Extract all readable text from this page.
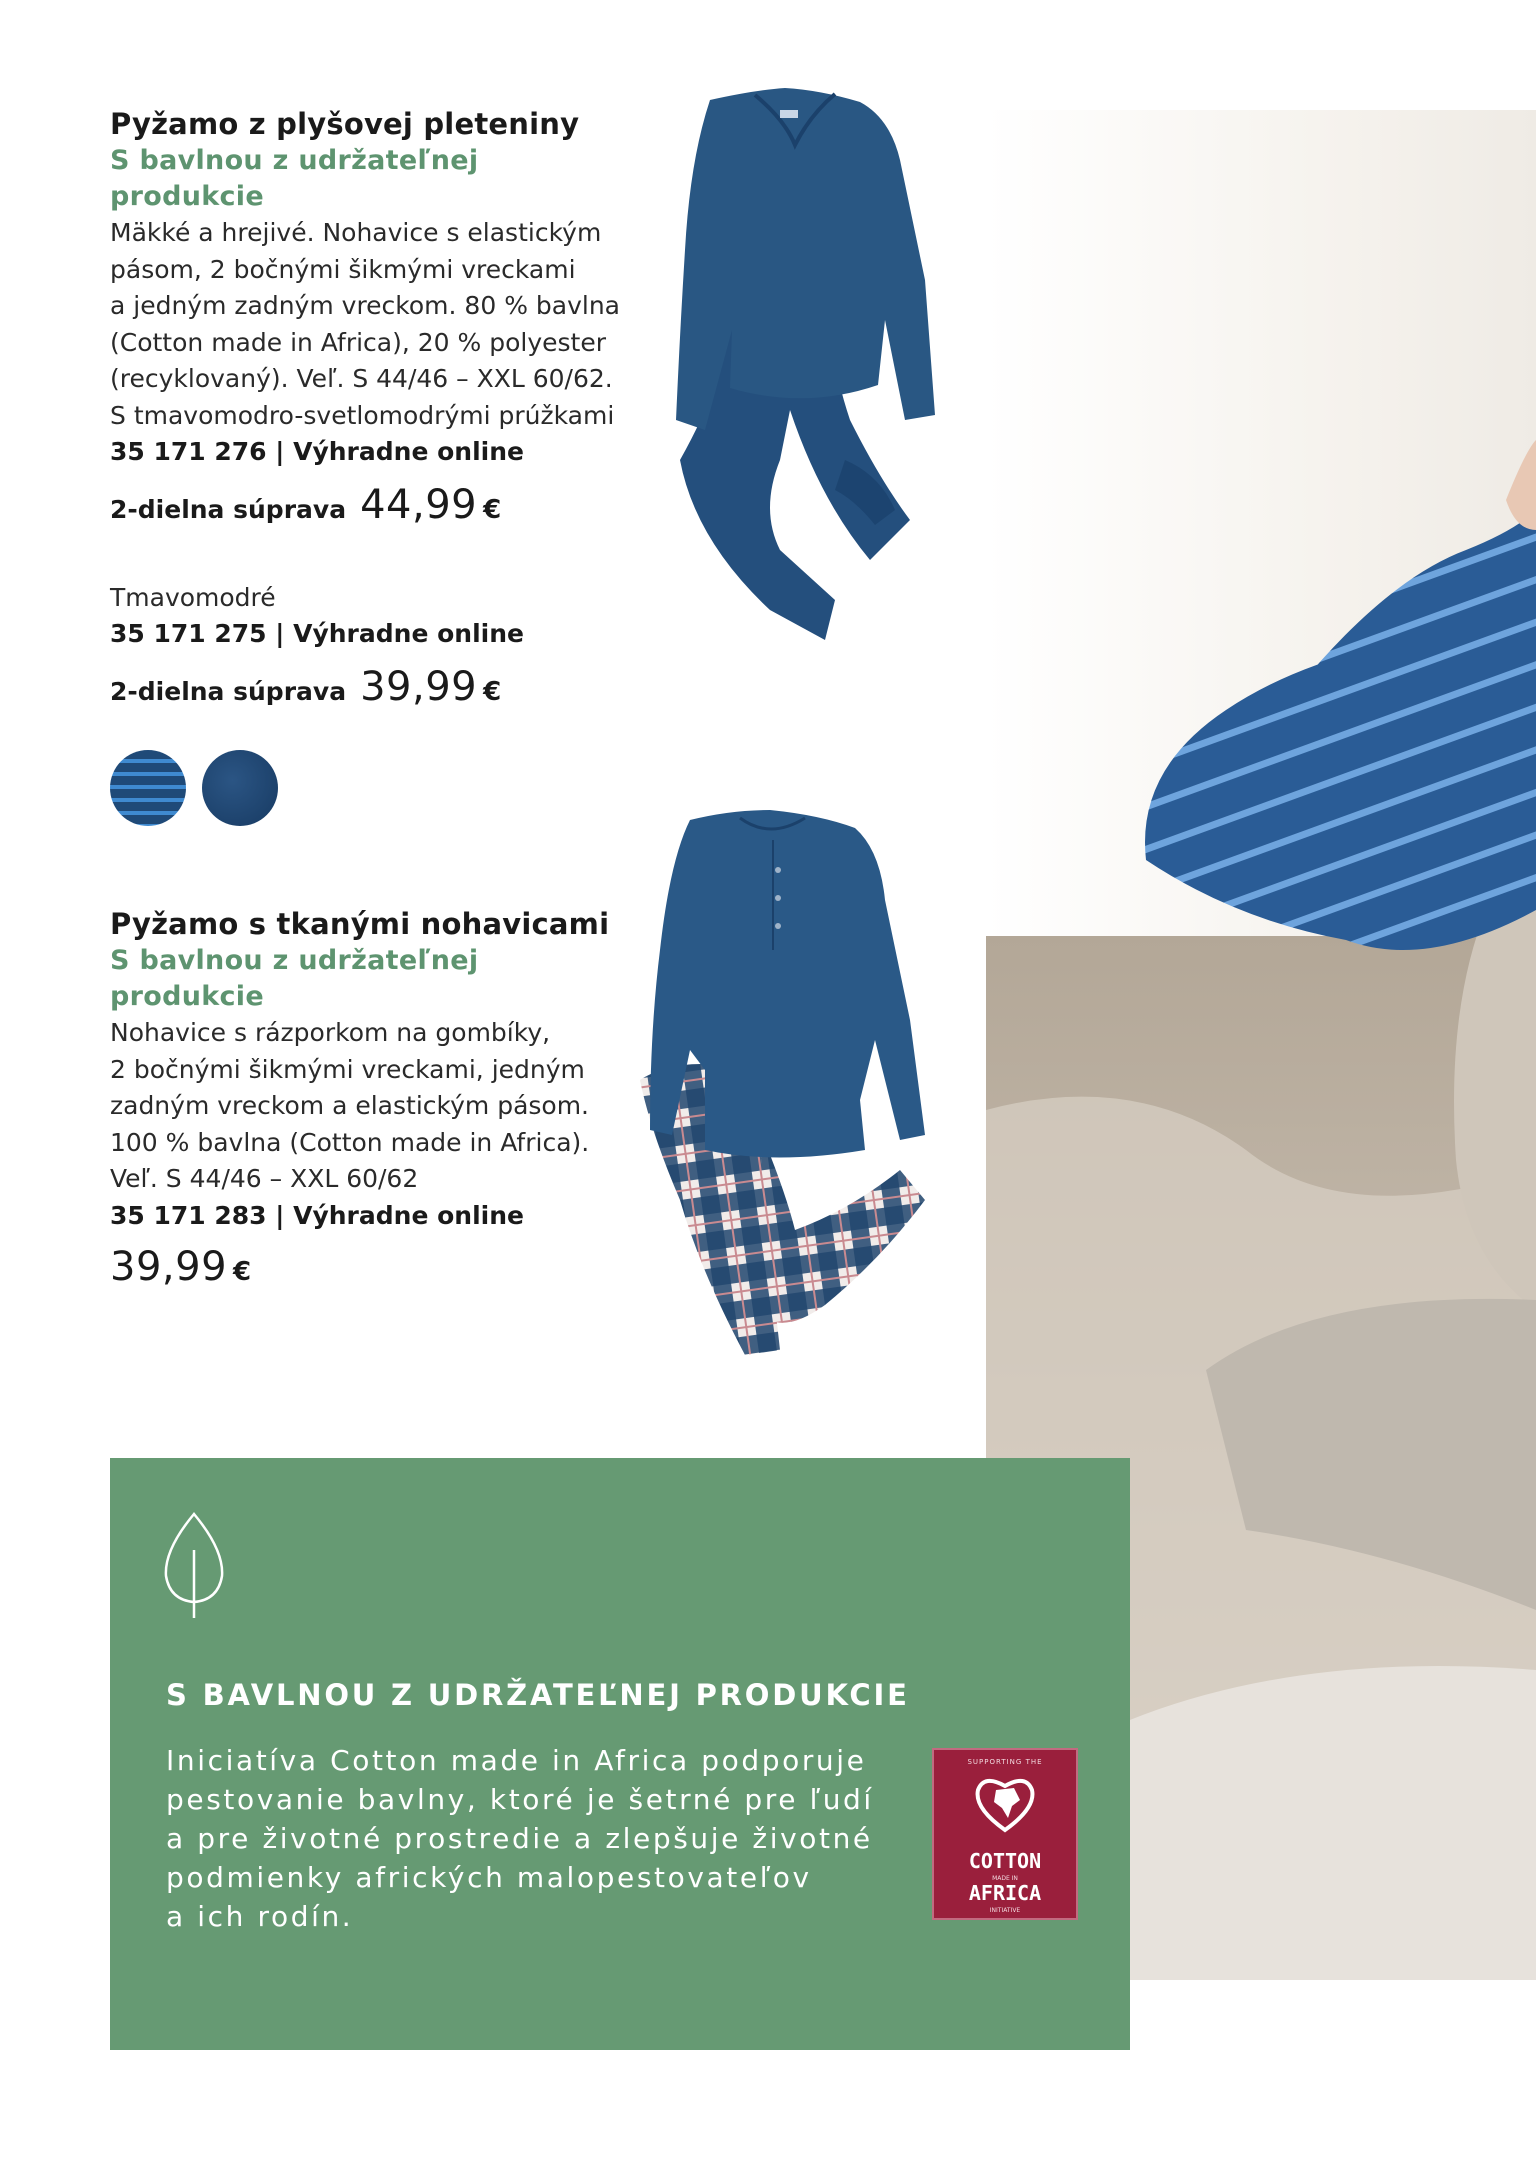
Pyžamo z plyšovej pleteniny
S bavlnou z udržateľnej produkcie
Mäkké a hrejivé. Nohavice s elastickým
pásom, 2 bočnými šikmými vreckami
a jedným zadným vreckom. 80 % bavlna
(Cotton made in Africa), 20 % polyester
(recyklovaný). Veľ. S 44/46 – XXL 60/62.
S tmavomodro-svetlomodrými prúžkami
35 171 276 | Výhradne online
2-dielna súprava 44,99 €
Tmavomodré
35 171 275 | Výhradne online
2-dielna súprava 39,99 €
Pyžamo s tkanými nohavicami
S bavlnou z udržateľnej produkcie
Nohavice s rázporkom na gombíky,
2 bočnými šikmými vreckami, jedným
zadným vreckom a elastickým pásom.
100 % bavlna (Cotton made in Africa).
Veľ. S 44/46 – XXL 60/62
35 171 283 | Výhradne online
39,99 €
S BAVLNOU Z UDRŽATEĽNEJ PRODUKCIE
Iniciatíva Cotton made in Africa podporuje
pestovanie bavlny, ktoré je šetrné pre ľudí
a pre životné prostredie a zlepšuje životné
podmienky afrických malopestovateľov
a ich rodín.
SUPPORTING THE
COTTON
MADE IN
AFRICA
INITIATIVE
